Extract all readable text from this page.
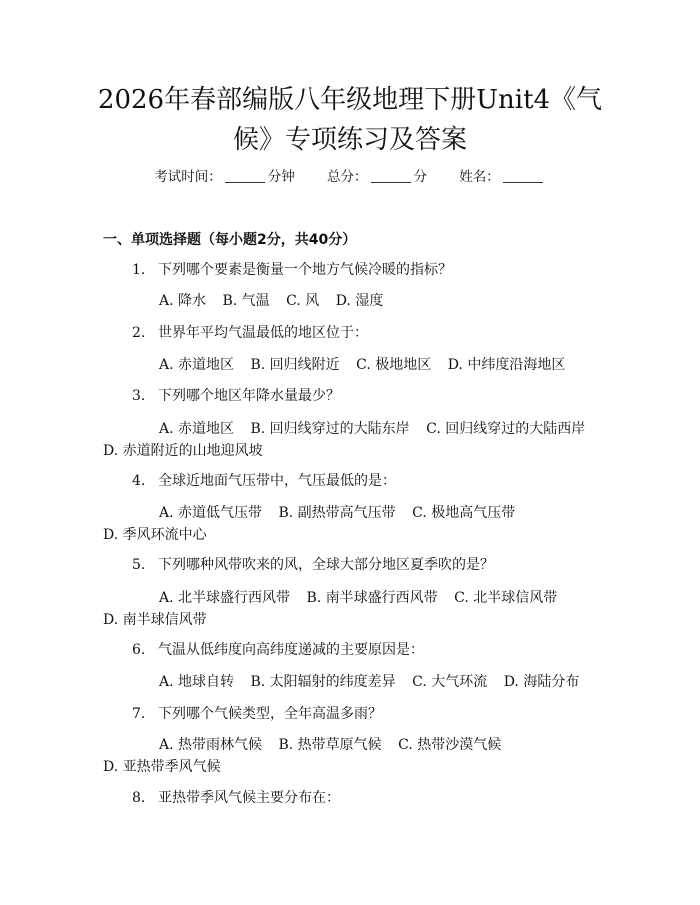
2026年春部编版八年级地理下册Unit4《气
候》专项练习及答案
考试时间：	分钟 总分：	分 姓名：
一、单项选择题（每小题2分，共40分）
1. 下列哪个要素是衡量一个地方气候冷暖的指标？
A. 降水 B. 气温 C. 风 D. 湿度
2. 世界年平均气温最低的地区位于：
A. 赤道地区 B. 回归线附近 C. 极地地区 D. 中纬度沿海地区
3. 下列哪个地区年降水量最少？
A. 赤道地区 B. 回归线穿过的大陆东岸 C. 回归线穿过的大陆西岸 D. 赤道附近的山地迎风坡
4. 全球近地面气压带中，气压最低的是：
A. 赤道低气压带 B. 副热带高气压带 C. 极地高气压带 D. 季风环流中心
5. 下列哪种风带吹来的风，全球大部分地区夏季吹的是？
A. 北半球盛行西风带 B. 南半球盛行西风带 C. 北半球信风带 D. 南半球信风带
6. 气温从低纬度向高纬度递减的主要原因是：
A. 地球自转 B. 太阳辐射的纬度差异 C. 大气环流 D. 海陆分布
7. 下列哪个气候类型，全年高温多雨？
A. 热带雨林气候 B. 热带草原气候 C. 热带沙漠气候 D. 亚热带季风气候
8. 亚热带季风气候主要分布在：
